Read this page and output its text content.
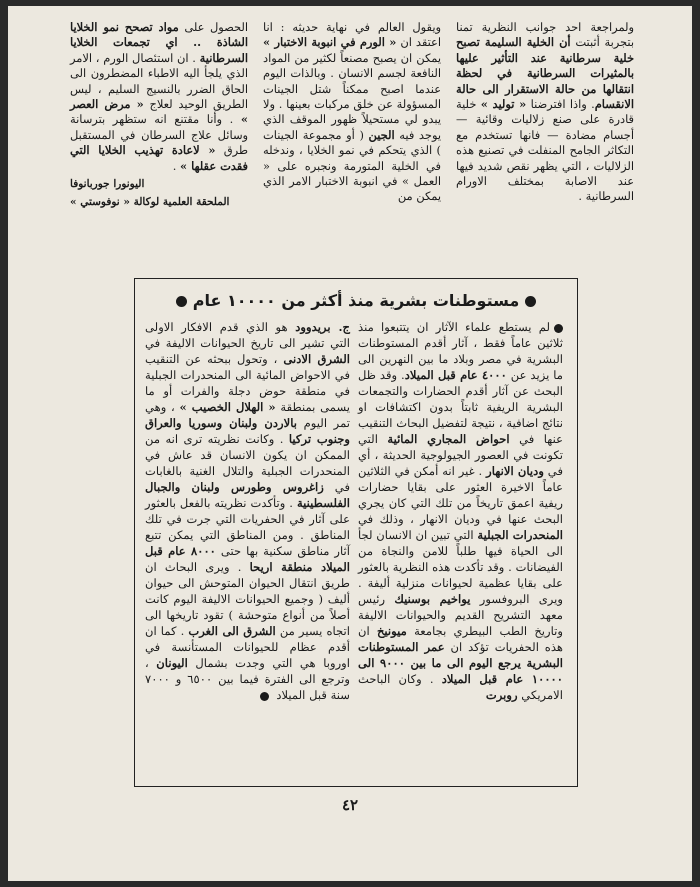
ولمراجعة احد جوانب النظرية تمنا بتجربة أثبتت أن الخلية السليمة تصبح خلية سرطانية عند التأثير عليها بالمثيرات السرطانية في لحظة انتقالها من حالة الاستقرار الى حالة الانقسام. واذا افترضنا « توليد » خلية قادرة على صنع زلاليات وقائية — أجسام مضادة — فانها تستخدم مع التكاثر الجامح المنفلت في تصنيع هذه الزلاليات ، التي يظهر نقص شديد فيها عند الاصابة بمختلف الاورام السرطانية .

ويقول العالم في نهاية حديثه : انا اعتقد ان « الورم في انبوبة الاختبار » يمكن ان يصبح مصنعاً لكثير من المواد النافعة لجسم الانسان . وبالذات اليوم عندما اصبح ممكناً شتل الجينات المسؤولة عن خلق مركبات بعينها . ولا يبدو لي مستحيلاً ظهور الموقف الذي يوجد فيه الجين ( أو مجموعة الجينات ) الذي يتحكم في نمو الخلايا ، وندخله في الخلية المتورمة ونجبره على « العمل » في انبوبة الاختبار الامر الذي يمكن من

الحصول على مواد تصحح نمو الخلايا الشاذة .. اي تجمعات الخلايا السرطانية . ان استئصال الورم ، الامر الذي يلجأ اليه الاطباء المضطرون الى الحاق الضرر بالنسيج السليم ، ليس الطريق الوحيد لعلاج « مرض العصر » . وأنا مقتنع انه ستظهر بترسانة وسائل علاج السرطان في المستقبل طرق « لاعادة تهذيب الخلايا التي فقدت عقلها » .

اليونورا جوربانوفا
الملحقة العلمية لوكالة « نوفوستي »
مستوطنات بشرية منذ أكثر من ١٠٠٠٠ عام

لم يستطع علماء الآثار ان يتتبعوا منذ ثلاثين عاماً فقط ، آثار أقدم المستوطنات البشرية في مصر وبلاد ما بين النهرين الى ما يزيد عن ٤٠٠٠ عام قبل الميلاد. وقد ظل البحث عن آثار أقدم الحضارات والتجمعات البشرية الريفية ثابتاً بدون اكتشافات او نتائج اضافية ، نتيجة لتفضيل البحاث التنقيب عنها في احواض المجاري المائية التي تكونت في العصور الجيولوجية الحديثة ، أي في وديان الانهار . غير انه أمكن في الثلاثين عاماً الاخيرة العثور على بقايا حضارات ريفية اعمق تاريخاً من تلك التي كان يجري البحث عنها في وديان الانهار ، وذلك في المنحدرات الجبلية التي تبين ان الانسان لجأ الى الحياة فيها طلباً للامن والنجاة من الفيضانات . وقد تأكدت هذه النظرية بالعثور على بقايا عظمية لحيوانات منزلية أليفة . ويرى البروفسور يواخيم بوسنيك رئيس معهد التشريح القديم والحيوانات الاليفة وتاريخ الطب البيطري بجامعة ميونيخ ان هذه الحفريات تؤكد ان عمر المستوطنات البشرية يرجع اليوم الى ما بين ٩٠٠٠ الى ١٠٠٠٠ عام قبل الميلاد . وكان الباحث الامريكي روبرت

ج. بريدوود هو الذي قدم الافكار الاولى التي تشير الى تاريخ الحيوانات الاليفة في الشرق الادنى ، وتحول ببحثه عن التنقيب في الاحواض المائية الى المنحدرات الجبلية في منطقة حوض دجلة والفرات أو ما يسمى بمنطقة « الهلال الخصيب » ، وهي تمر اليوم بالاردن ولبنان وسوريا والعراق وجنوب تركيا . وكانت نظريته ترى انه من الممكن ان يكون الانسان قد عاش في المنحدرات الجبلية والتلال الغنية بالغابات في زاغروس وطورس ولبنان والجبال الفلسطينية . وتأكدت نظريته بالفعل بالعثور على آثار في الحفريات التي جرت في تلك المناطق . ومن المناطق التي يمكن تتبع آثار مناطق سكنية بها حتى ٨٠٠٠ عام قبل الميلاد منطقة اريحا . ويرى البحاث ان طريق انتقال الحيوان المتوحش الى حيوان أليف ( وجميع الحيوانات الاليفة اليوم كانت أصلاً من أنواع متوحشة ) تقود تاريخها الى اتجاه يسير من الشرق الى الغرب . كما ان أقدم عظام للحيوانات المستأنسة في اوروبا هي التي وجدت بشمال اليونان ، وترجع الى الفترة فيما بين ٦٥٠٠ و ٧٠٠٠ سنة قبل الميلاد

٤٢
